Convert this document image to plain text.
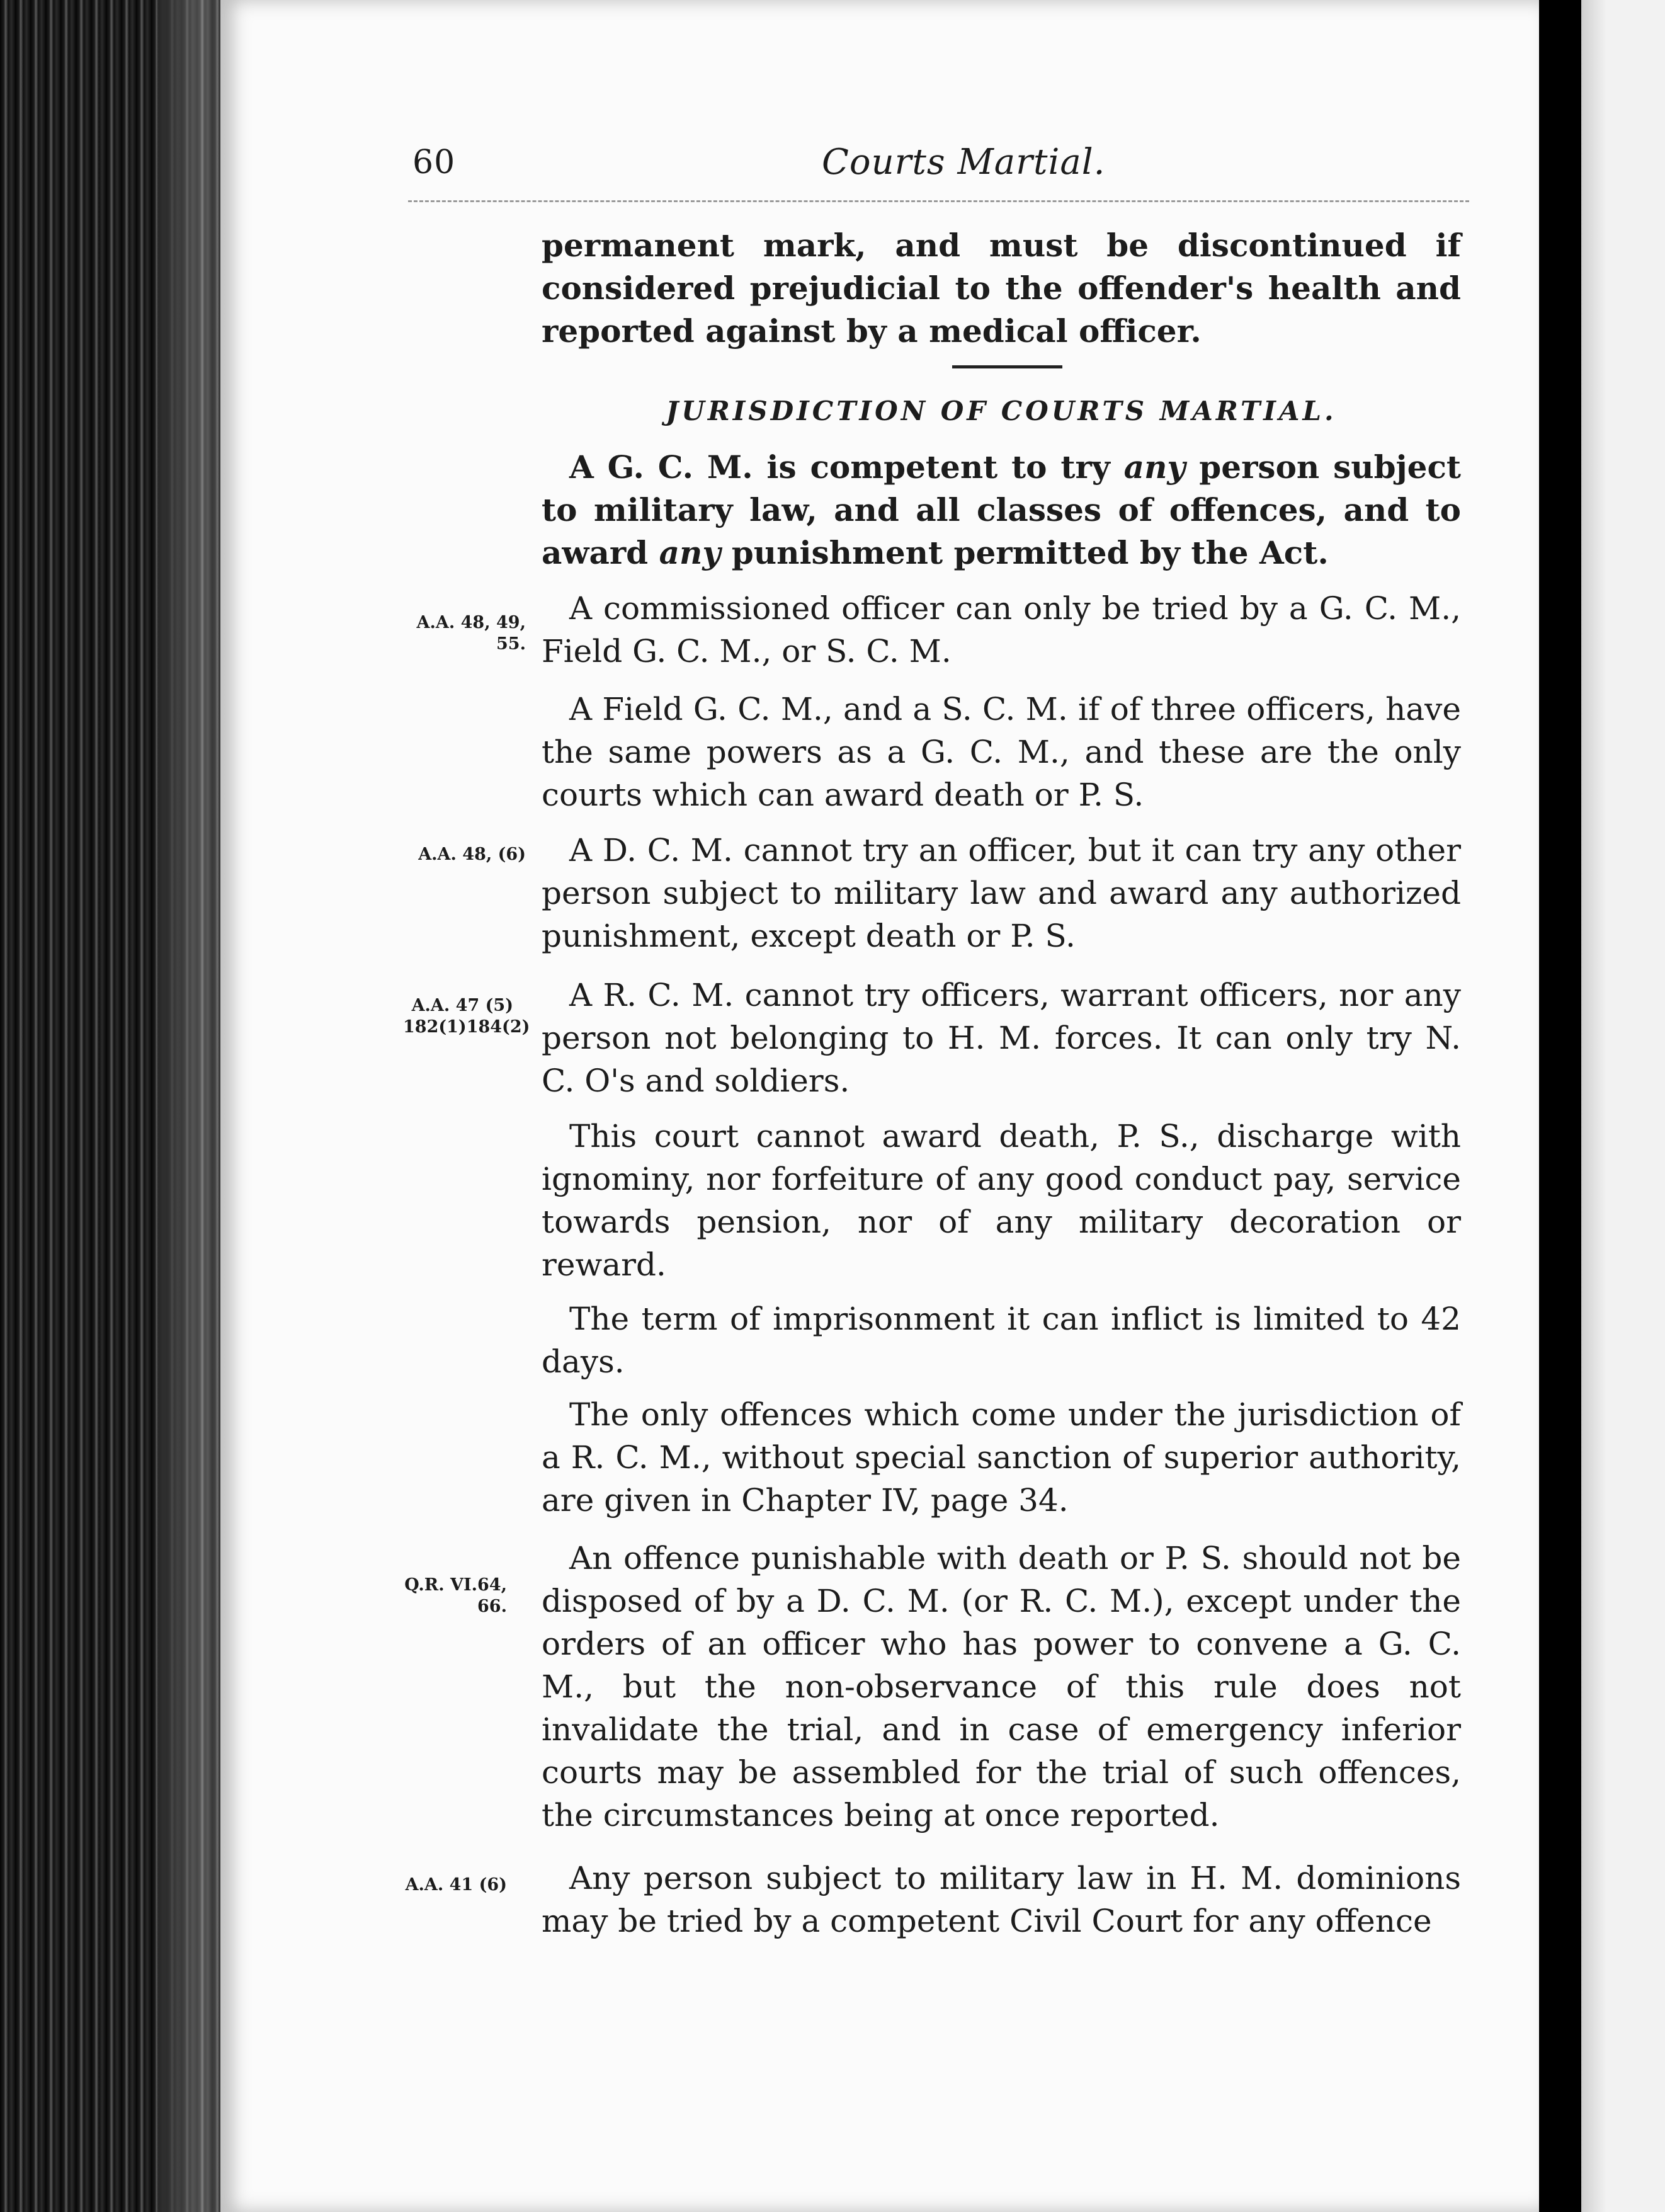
60	Courts Martial.

permanent mark, and must be discontinued if considered prejudicial to the offender's health and reported against by a medical officer.

JURISDICTION OF COURTS MARTIAL.

A G. C. M. is competent to try any person subject to military law, and all classes of offences, and to award any punishment permitted by the Act.

A.A. 48, 49, 55.

A commissioned officer can only be tried by a G. C. M., Field G. C. M., or S. C. M.

A Field G. C. M., and a S. C. M. if of three officers, have the same powers as a G. C. M., and these are the only courts which can award death or P. S.

A.A. 48, (6)	A D. C. M. cannot try an officer, but it can try any other person subject to military law and award any authorized punishment, except death or P. S.

A.A. 47 (5) 182(1)184(2)

A R. C. M. cannot try officers, warrant officers, nor any person not belonging to H. M. forces. It can only try N. C. O's and soldiers.

This court cannot award death, P. S., discharge with ignominy, nor forfeiture of any good conduct pay, service towards pension, nor of any military decoration or reward.

The term of imprisonment it can inflict is limited to 42 days.

The only offences which come under the jurisdiction of a R. C. M., without special sanction of superior authority, are given in Chapter IV, page 34.

Q.R. VI.64, 66.

An offence punishable with death or P. S. should not be disposed of by a D. C. M. (or R. C. M.), except under the orders of an officer who has power to convene a G. C. M., but the non-observance of this rule does not invalidate the trial, and in case of emergency inferior courts may be assembled for the trial of such offences, the circumstances being at once reported.

A.A. 41 (6)	Any person subject to military law in H. M. dominions may be tried by a competent Civil Court for any offence
